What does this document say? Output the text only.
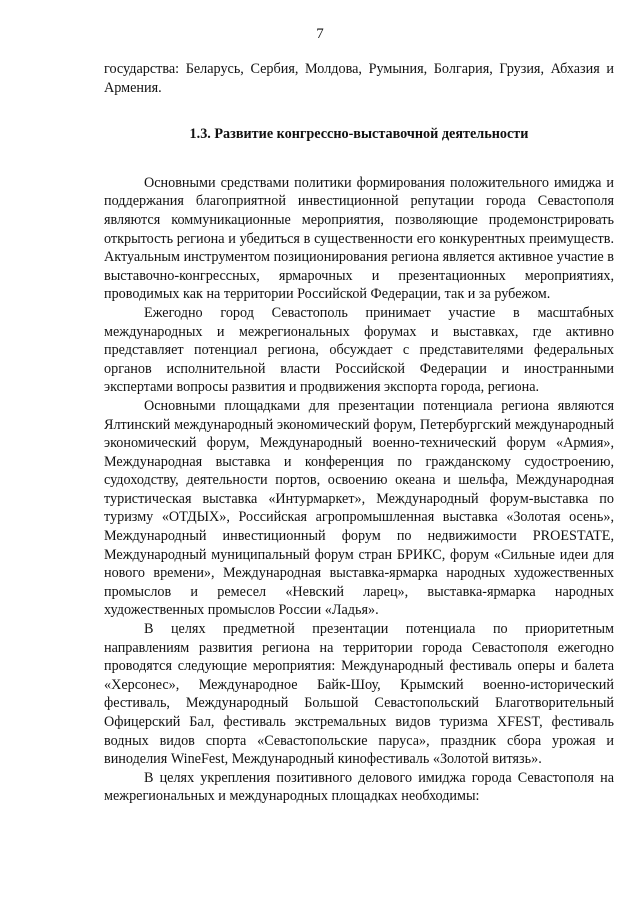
7

государства: Беларусь, Сербия, Молдова, Румыния, Болгария, Грузия, Абхазия и Армения.

1.3. Развитие конгрессно-выставочной деятельности

Основными средствами политики формирования положительного имиджа и поддержания благоприятной инвестиционной репутации города Севастополя являются коммуникационные мероприятия, позволяющие продемонстрировать открытость региона и убедиться в существенности его конкурентных преимуществ. Актуальным инструментом позиционирования региона является активное участие в выставочно-конгрессных, ярмарочных и презентационных мероприятиях, проводимых как на территории Российской Федерации, так и за рубежом.

Ежегодно город Севастополь принимает участие в масштабных международных и межрегиональных форумах и выставках, где активно представляет потенциал региона, обсуждает с представителями федеральных органов исполнительной власти Российской Федерации и иностранными экспертами вопросы развития и продвижения экспорта города, региона.

Основными площадками для презентации потенциала региона являются Ялтинский международный экономический форум, Петербургский международный экономический форум, Международный военно-технический форум «Армия», Международная выставка и конференция по гражданскому судостроению, судоходству, деятельности портов, освоению океана и шельфа, Международная туристическая выставка «Интурмаркет», Международный форум-выставка по туризму «ОТДЫХ», Российская агропромышленная выставка «Золотая осень», Международный инвестиционный форум по недвижимости PROESTATE, Международный муниципальный форум стран БРИКС, форум «Сильные идеи для нового времени», Международная выставка-ярмарка народных художественных промыслов и ремесел «Невский ларец», выставка-ярмарка народных художественных промыслов России «Ладья».

В целях предметной презентации потенциала по приоритетным направлениям развития региона на территории города Севастополя ежегодно проводятся следующие мероприятия: Международный фестиваль оперы и балета «Херсонес», Международное Байк-Шоу, Крымский военно-исторический фестиваль, Международный Большой Севастопольский Благотворительный Офицерский Бал, фестиваль экстремальных видов туризма XFEST, фестиваль водных видов спорта «Севастопольские паруса», праздник сбора урожая и виноделия WineFest, Международный кинофестиваль «Золотой витязь».

В целях укрепления позитивного делового имиджа города Севастополя на межрегиональных и международных площадках необходимы:
